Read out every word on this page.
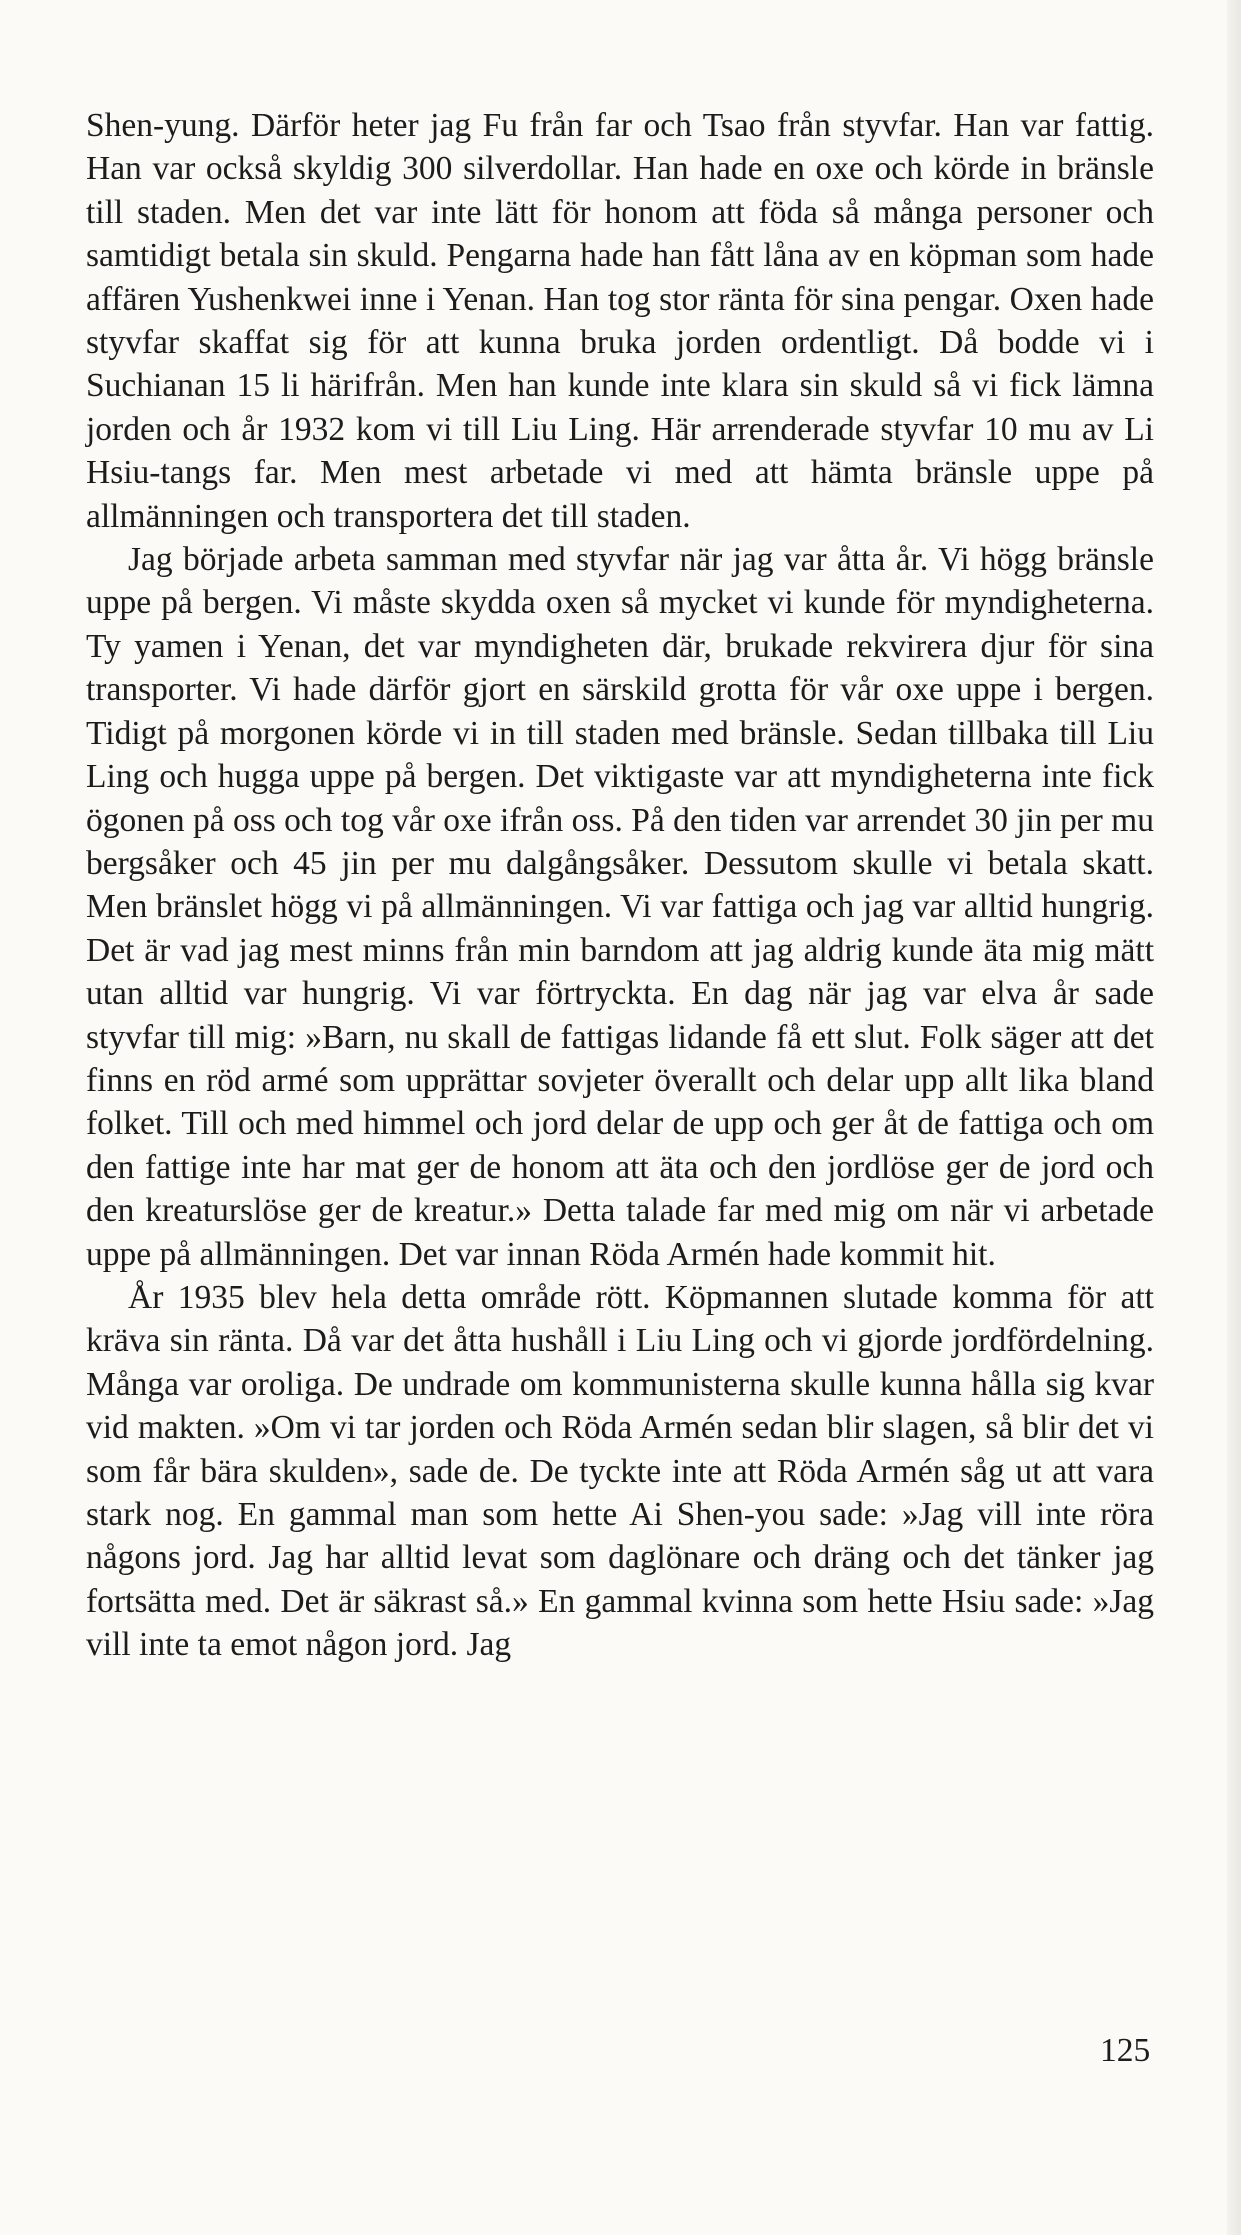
Shen-yung. Därför heter jag Fu från far och Tsao från styvfar. Han var fattig. Han var också skyldig 300 silverdollar. Han hade en oxe och körde in bränsle till staden. Men det var inte lätt för honom att föda så många personer och samtidigt betala sin skuld. Pengarna hade han fått låna av en köpman som hade affären Yushenkwei inne i Yenan. Han tog stor ränta för sina pengar. Oxen hade styvfar skaffat sig för att kunna bruka jorden ordentligt. Då bodde vi i Suchianan 15 li härifrån. Men han kunde inte klara sin skuld så vi fick lämna jorden och år 1932 kom vi till Liu Ling. Här arrenderade styvfar 10 mu av Li Hsiu-tangs far. Men mest arbetade vi med att hämta bränsle uppe på allmänningen och transportera det till staden.

Jag började arbeta samman med styvfar när jag var åtta år. Vi högg bränsle uppe på bergen. Vi måste skydda oxen så mycket vi kunde för myndigheterna. Ty yamen i Yenan, det var myndigheten där, brukade rekvirera djur för sina transporter. Vi hade därför gjort en särskild grotta för vår oxe uppe i bergen. Tidigt på morgonen körde vi in till staden med bränsle. Sedan tillbaka till Liu Ling och hugga uppe på bergen. Det viktigaste var att myndigheterna inte fick ögonen på oss och tog vår oxe ifrån oss. På den tiden var arrendet 30 jin per mu bergsåker och 45 jin per mu dalgångsåker. Dessutom skulle vi betala skatt. Men bränslet högg vi på allmänningen. Vi var fattiga och jag var alltid hungrig. Det är vad jag mest minns från min barndom att jag aldrig kunde äta mig mätt utan alltid var hungrig. Vi var förtryckta. En dag när jag var elva år sade styvfar till mig: »Barn, nu skall de fattigas lidande få ett slut. Folk säger att det finns en röd armé som upprättar sovjeter överallt och delar upp allt lika bland folket. Till och med himmel och jord delar de upp och ger åt de fattiga och om den fattige inte har mat ger de honom att äta och den jordlöse ger de jord och den kreaturslöse ger de kreatur.» Detta talade far med mig om när vi arbetade uppe på allmänningen. Det var innan Röda Armén hade kommit hit.

År 1935 blev hela detta område rött. Köpmannen slutade komma för att kräva sin ränta. Då var det åtta hushåll i Liu Ling och vi gjorde jordfördelning. Många var oroliga. De undrade om kommunisterna skulle kunna hålla sig kvar vid makten. »Om vi tar jorden och Röda Armén sedan blir slagen, så blir det vi som får bära skulden», sade de. De tyckte inte att Röda Armén såg ut att vara stark nog. En gammal man som hette Ai Shen-you sade: »Jag vill inte röra någons jord. Jag har alltid levat som daglönare och dräng och det tänker jag fortsätta med. Det är säkrast så.» En gammal kvinna som hette Hsiu sade: »Jag vill inte ta emot någon jord. Jag

125
